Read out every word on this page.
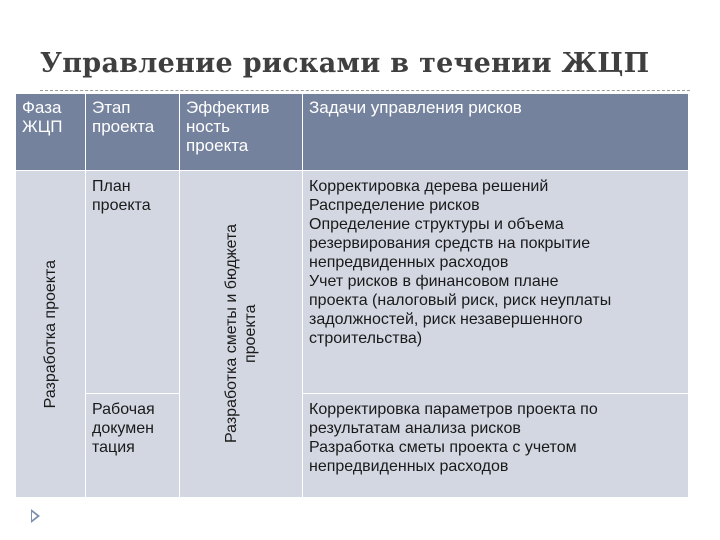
Управление рисками в течении ЖЦП
Фаза
ЖЦП
Этап
проекта
Эффектив
ность
проекта
Задачи управления рисков
Разработка проекта
План
проекта
Разработка сметы и бюджета проекта
Корректировка дерева решений
Распределение рисков
Определение структуры и объема
резервирования средств на покрытие
непредвиденных расходов
Учет рисков в финансовом плане
проекта (налоговый риск, риск неуплаты
задолжностей, риск незавершенного
строительства)
Рабочая
докумен
тация
Корректировка параметров проекта по
результатам анализа рисков
Разработка сметы проекта с учетом
непредвиденных расходов
